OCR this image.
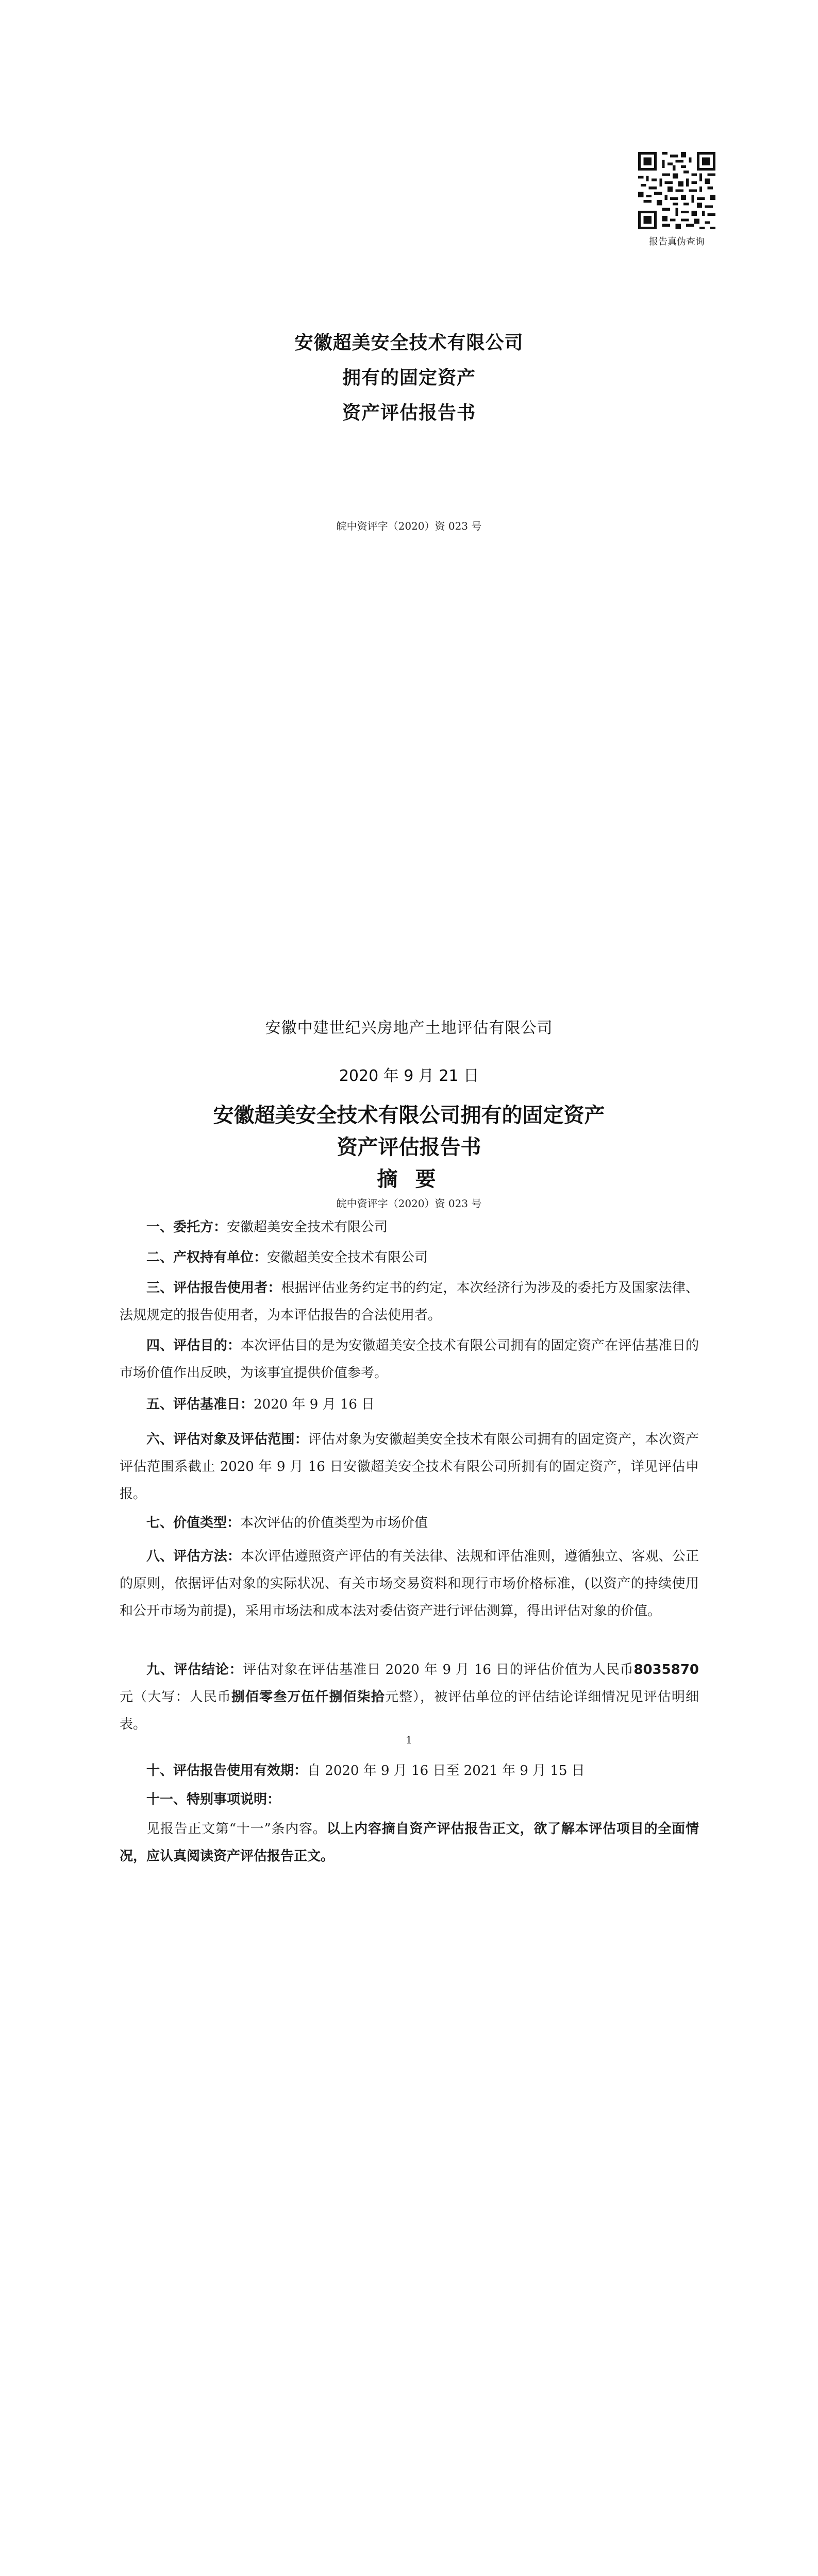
报告真伪查询
安徽超美安全技术有限公司
拥有的固定资产
资产评估报告书
皖中资评字（2020）资 023 号
安徽中建世纪兴房地产土地评估有限公司
2020 年 9 月 21 日
安徽超美安全技术有限公司拥有的固定资产
资产评估报告书
摘 要
皖中资评字（2020）资 023 号
一、委托方：安徽超美安全技术有限公司
二、产权持有单位：安徽超美安全技术有限公司
三、评估报告使用者：根据评估业务约定书的约定，本次经济行为涉及的委托方及国家法律、法规规定的报告使用者，为本评估报告的合法使用者。
四、评估目的：本次评估目的是为安徽超美安全技术有限公司拥有的固定资产在评估基准日的市场价值作出反映，为该事宜提供价值参考。
五、评估基准日：2020 年 9 月 16 日
六、评估对象及评估范围：评估对象为安徽超美安全技术有限公司拥有的固定资产，本次资产评估范围系截止 2020 年 9 月 16 日安徽超美安全技术有限公司所拥有的固定资产，详见评估申报。
七、价值类型：本次评估的价值类型为市场价值
八、评估方法：本次评估遵照资产评估的有关法律、法规和评估准则，遵循独立、客观、公正的原则，依据评估对象的实际状况、有关市场交易资料和现行市场价格标准，(以资产的持续使用和公开市场为前提)，采用市场法和成本法对委估资产进行评估测算，得出评估对象的价值。
九、评估结论：评估对象在评估基准日 2020 年 9 月 16 日的评估价值为人民币8035870 元（大写：人民币捌佰零叁万伍仟捌佰柒拾元整），被评估单位的评估结论详细情况见评估明细表。
1
十、评估报告使用有效期：自 2020 年 9 月 16 日至 2021 年 9 月 15 日
十一、特别事项说明：
见报告正文第“十一”条内容。以上内容摘自资产评估报告正文，欲了解本评估项目的全面情况，应认真阅读资产评估报告正文。
